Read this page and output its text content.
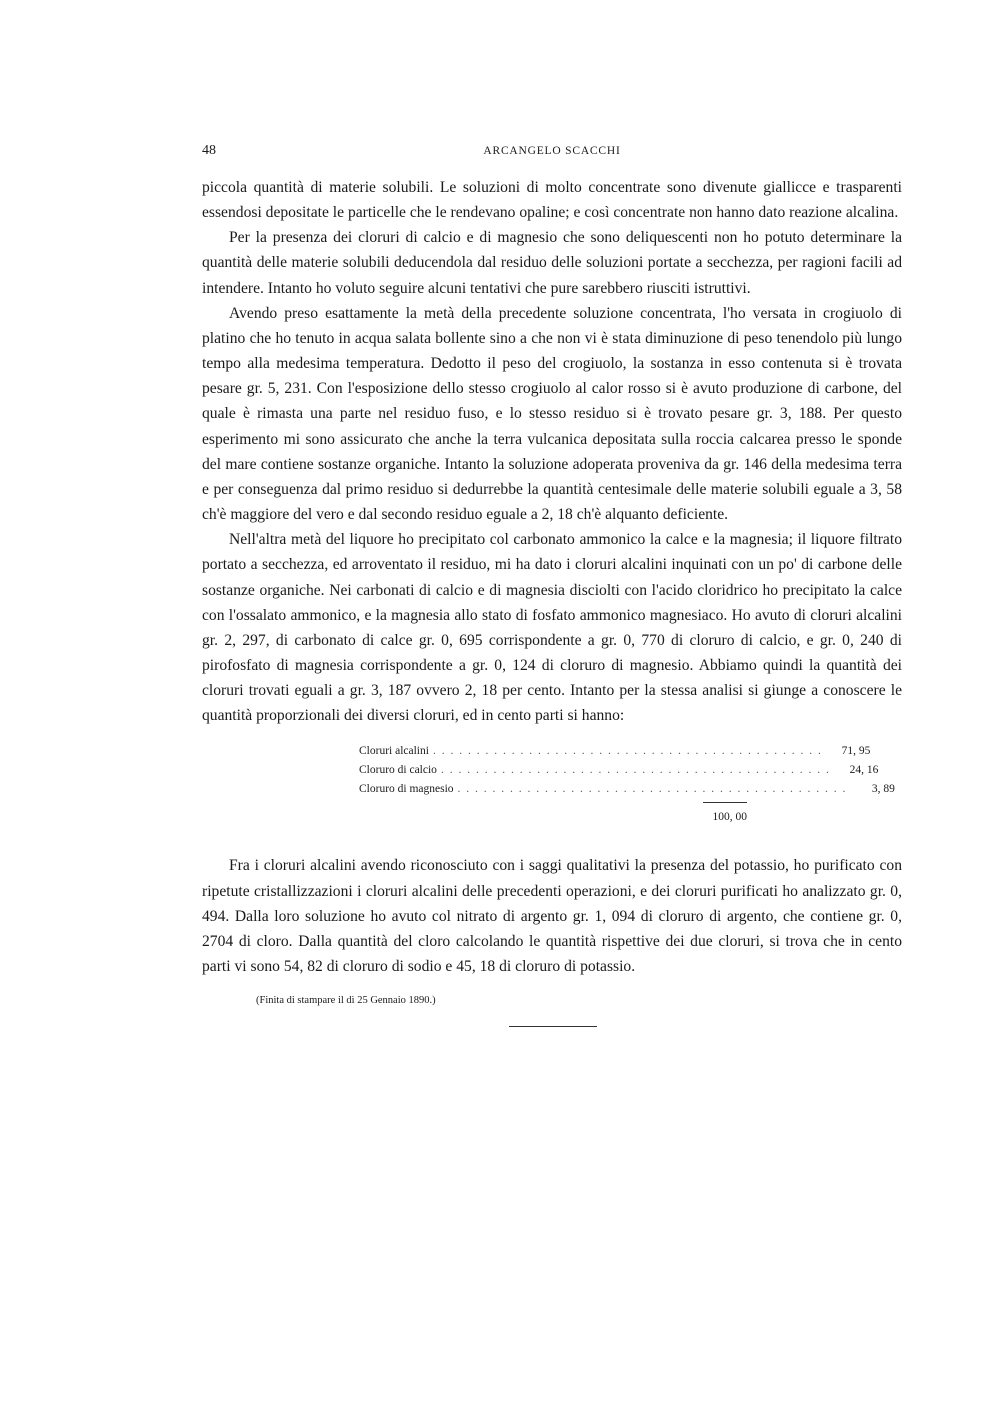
48	ARCANGELO SCACCHI

piccola quantità di materie solubili. Le soluzioni di molto concentrate sono divenute giallicce e trasparenti essendosi depositate le particelle che le rendevano opaline; e così concentrate non hanno dato reazione alcalina.

Per la presenza dei cloruri di calcio e di magnesio che sono deliquescenti non ho potuto determinare la quantità delle materie solubili deducendola dal residuo delle soluzioni portate a secchezza, per ragioni facili ad intendere. Intanto ho voluto seguire alcuni tentativi che pure sarebbero riusciti istruttivi.

Avendo preso esattamente la metà della precedente soluzione concentrata, l'ho versata in crogiuolo di platino che ho tenuto in acqua salata bollente sino a che non vi è stata diminuzione di peso tenendolo più lungo tempo alla medesima temperatura. Dedotto il peso del crogiuolo, la sostanza in esso contenuta si è trovata pesare gr. 5, 231. Con l'esposizione dello stesso crogiuolo al calor rosso si è avuto produzione di carbone, del quale è rimasta una parte nel residuo fuso, e lo stesso residuo si è trovato pesare gr. 3, 188. Per questo esperimento mi sono assicurato che anche la terra vulcanica depositata sulla roccia calcarea presso le sponde del mare contiene sostanze organiche. Intanto la soluzione adoperata proveniva da gr. 146 della medesima terra e per conseguenza dal primo residuo si dedurrebbe la quantità centesimale delle materie solubili eguale a 3, 58 ch'è maggiore del vero e dal secondo residuo eguale a 2, 18 ch'è alquanto deficiente.

Nell'altra metà del liquore ho precipitato col carbonato ammonico la calce e la magnesia; il liquore filtrato portato a secchezza, ed arroventato il residuo, mi ha dato i cloruri alcalini inquinati con un po' di carbone delle sostanze organiche. Nei carbonati di calcio e di magnesia disciolti con l'acido cloridrico ho precipitato la calce con l'ossalato ammonico, e la magnesia allo stato di fosfato ammonico magnesiaco. Ho avuto di cloruri alcalini gr. 2, 297, di carbonato di calce gr. 0, 695 corrispondente a gr. 0, 770 di cloruro di calcio, e gr. 0, 240 di pirofosfato di magnesia corrispondente a gr. 0, 124 di cloruro di magnesio. Abbiamo quindi la quantità dei cloruri trovati eguali a gr. 3, 187 ovvero 2, 18 per cento. Intanto per la stessa analisi si giunge a conoscere le quantità proporzionali dei diversi cloruri, ed in cento parti si hanno:

Cloruri alcalini . . . . . . . . . . . . . . . . . . . . . . . . . . . . . . . . . . . . . . . . . . . . .	71, 95
Cloruro di calcio . . . . . . . . . . . . . . . . . . . . . . . . . . . . . . . . . . . . . . . . . . . . .	24, 16
Cloruro di magnesio . . . . . . . . . . . . . . . . . . . . . . . . . . . . . . . . . . . . . . . . . . . . .	3, 89
100, 00

Fra i cloruri alcalini avendo riconosciuto con i saggi qualitativi la presenza del potassio, ho purificato con ripetute cristallizzazioni i cloruri alcalini delle precedenti operazioni, e dei cloruri purificati ho analizzato gr. 0, 494. Dalla loro soluzione ho avuto col nitrato di argento gr. 1, 094 di cloruro di argento, che contiene gr. 0, 2704 di cloro. Dalla quantità del cloro calcolando le quantità rispettive dei due cloruri, si trova che in cento parti vi sono 54, 82 di cloruro di sodio e 45, 18 di cloruro di potassio.

(Finita di stampare il dì 25 Gennaio 1890.)
